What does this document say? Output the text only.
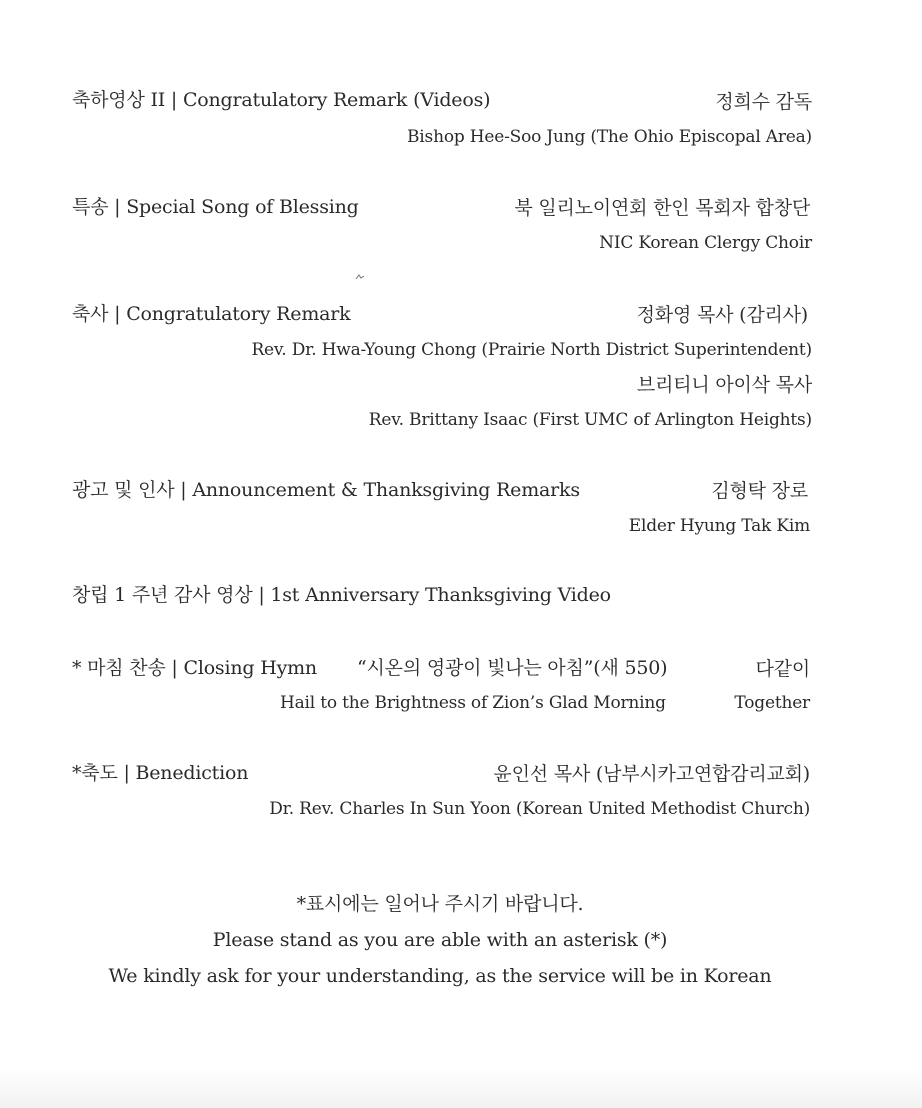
축하영상 II | Congratulatory Remark (Videos)	정희수 감독
Bishop Hee-Soo Jung (The Ohio Episcopal Area)
특송 | Special Song of Blessing	북 일리노이연회 한인 목회자 합창단
NIC Korean Clergy Choir
축사 | Congratulatory Remark	정화영 목사 (감리사)
Rev. Dr. Hwa-Young Chong (Prairie North District Superintendent)
브리티니 아이삭 목사
Rev. Brittany Isaac (First UMC of Arlington Heights)
광고 및 인사 | Announcement & Thanksgiving Remarks	김형탁 장로
Elder Hyung Tak Kim
창립 1 주년 감사 영상 | 1st Anniversary Thanksgiving Video
* 마침 찬송 | Closing Hymn “시온의 영광이 빛나는 아침”(새 550)	다같이
Hail to the Brightness of Zion’s Glad Morning	Together
*축도 | Benediction	윤인선 목사 (남부시카고연합감리교회)
Dr. Rev. Charles In Sun Yoon (Korean United Methodist Church)
*표시에는 일어나 주시기 바랍니다.
Please stand as you are able with an asterisk (*)
We kindly ask for your understanding, as the service will be in Korean
